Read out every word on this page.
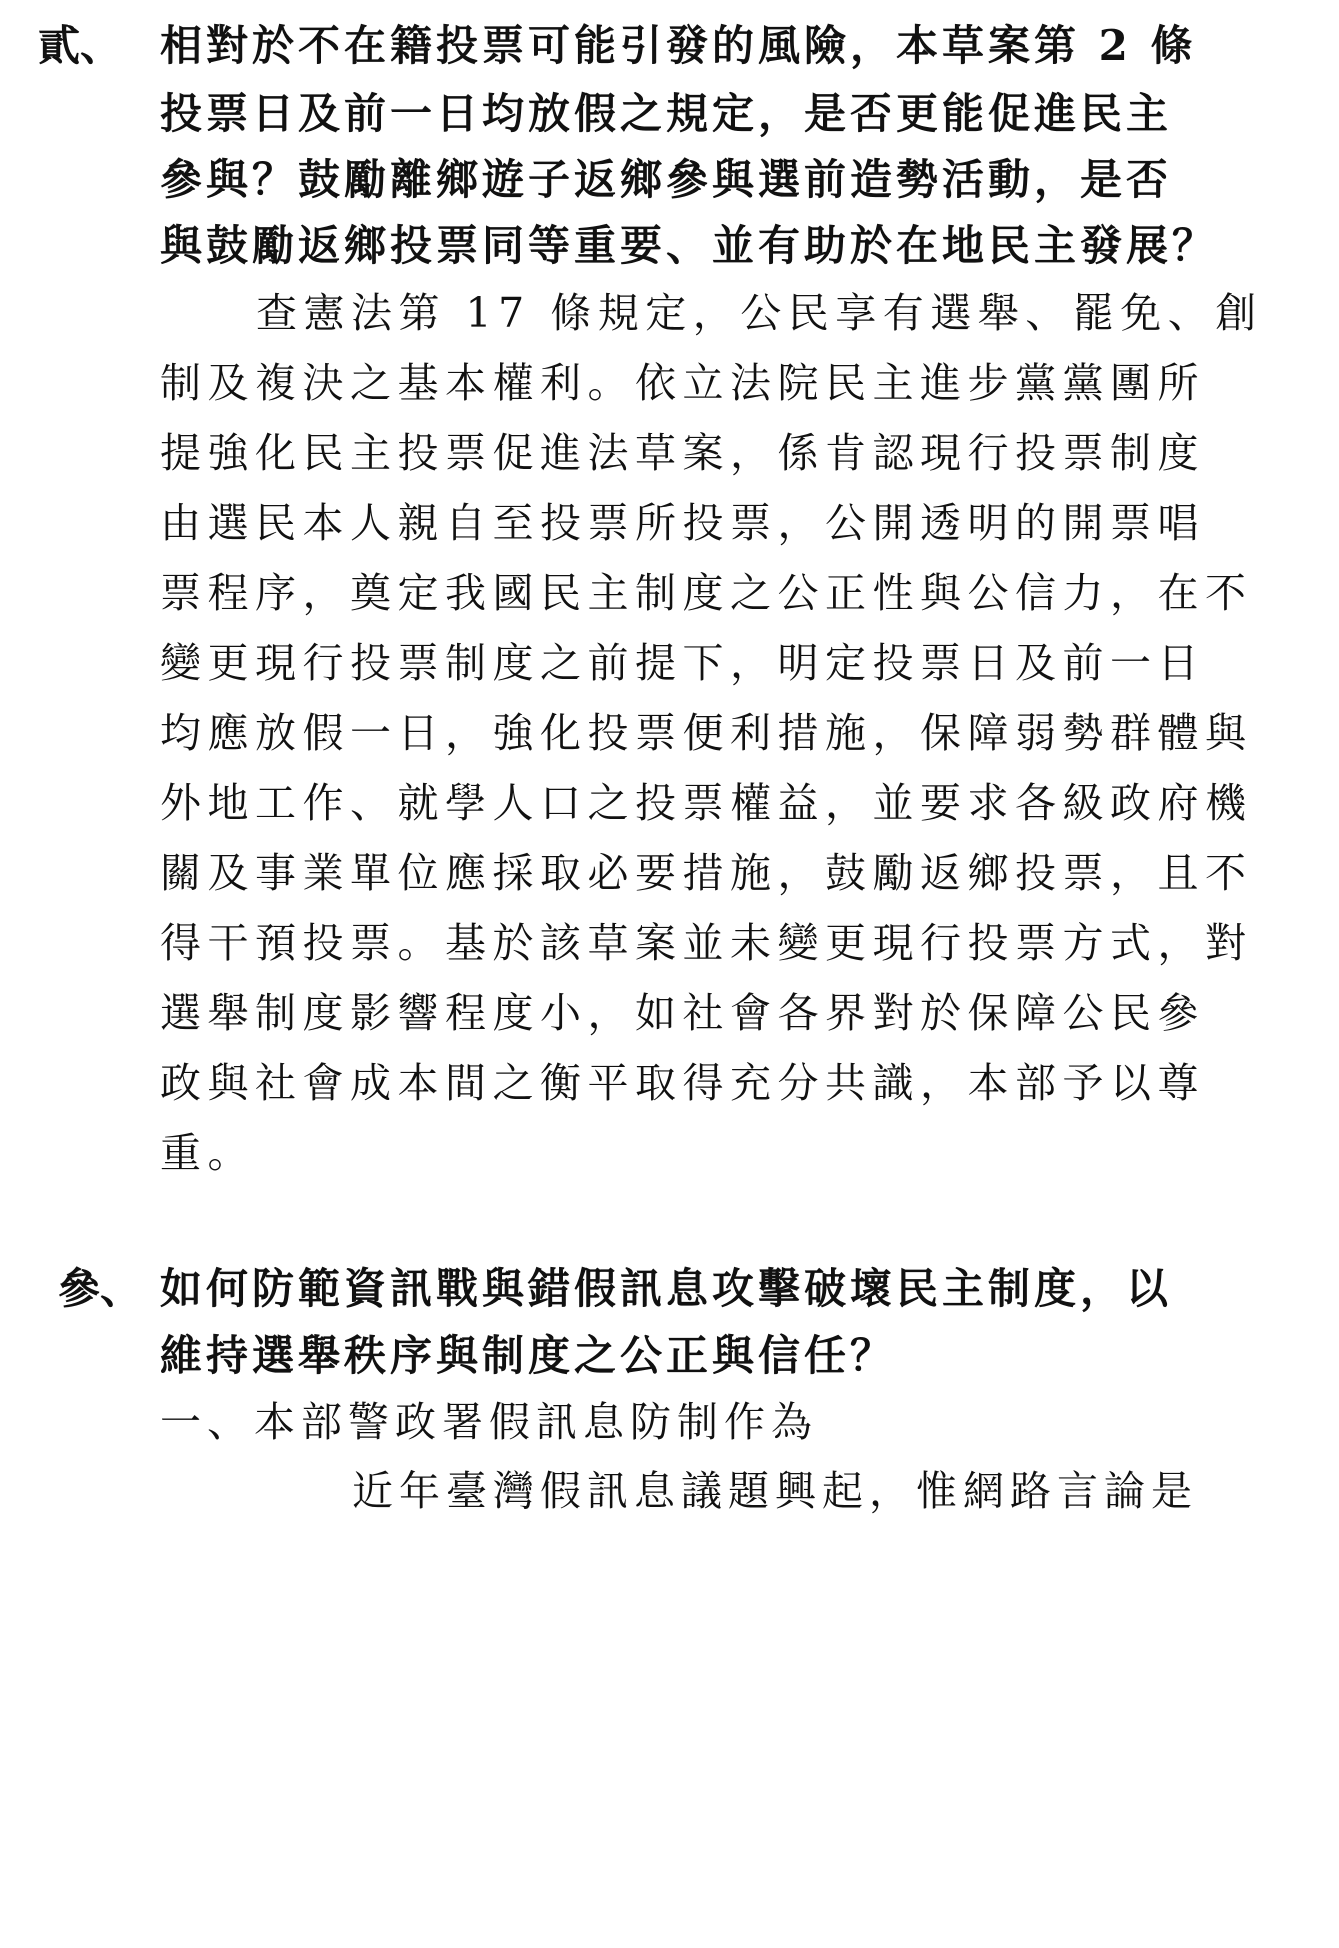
貳、 相對於不在籍投票可能引發的風險，本草案第 2 條
投票日及前一日均放假之規定，是否更能促進民主
參與？鼓勵離鄉遊子返鄉參與選前造勢活動，是否
與鼓勵返鄉投票同等重要、並有助於在地民主發展？
查憲法第 17 條規定，公民享有選舉、罷免、創
制及複決之基本權利。依立法院民主進步黨黨團所
提強化民主投票促進法草案，係肯認現行投票制度
由選民本人親自至投票所投票，公開透明的開票唱
票程序，奠定我國民主制度之公正性與公信力，在不
變更現行投票制度之前提下，明定投票日及前一日
均應放假一日，強化投票便利措施，保障弱勢群體與
外地工作、就學人口之投票權益，並要求各級政府機
關及事業單位應採取必要措施，鼓勵返鄉投票，且不
得干預投票。基於該草案並未變更現行投票方式，對
選舉制度影響程度小，如社會各界對於保障公民參
政與社會成本間之衡平取得充分共識，本部予以尊
重。
參、 如何防範資訊戰與錯假訊息攻擊破壞民主制度，以
維持選舉秩序與制度之公正與信任？
一、本部警政署假訊息防制作為
近年臺灣假訊息議題興起，惟網路言論是
